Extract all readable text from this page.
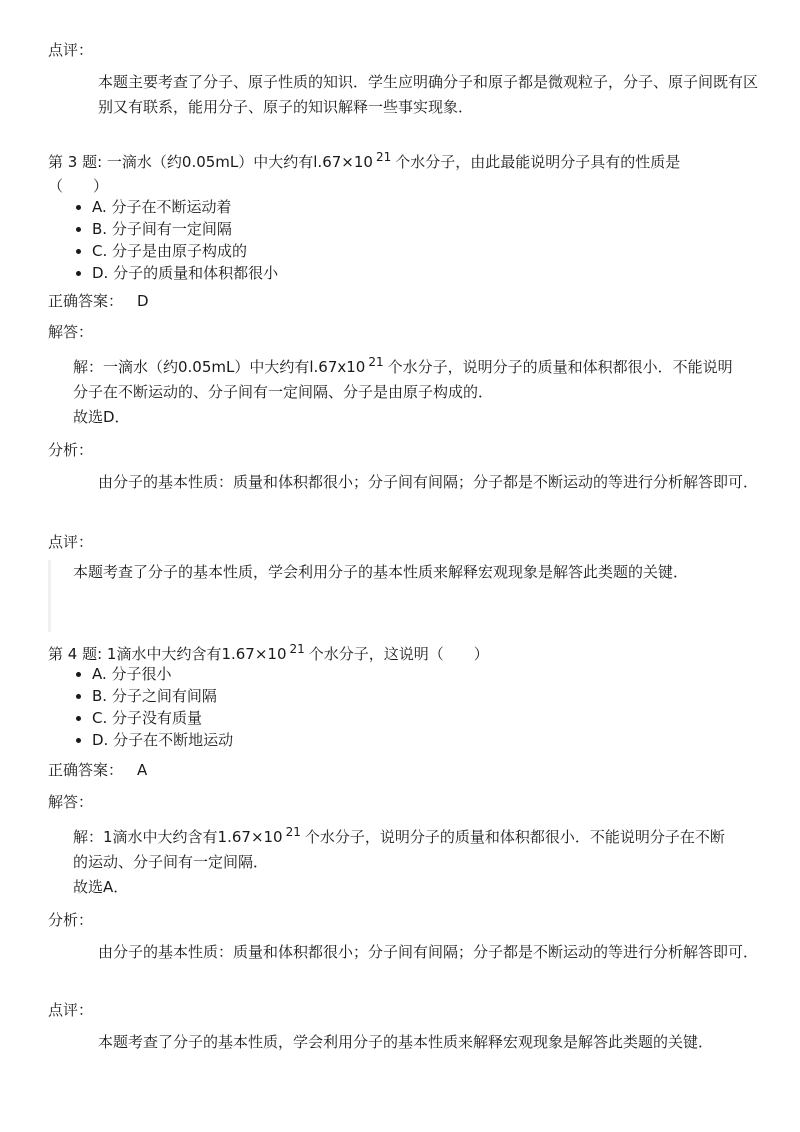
点评：

本题主要考查了分子、原子性质的知识．学生应明确分子和原子都是微观粒子，分子、原子间既有区别又有联系，能用分子、原子的知识解释一些事实现象．

第 3 题: 一滴水（约0.05mL）中大约有l.67×10 $^{21}$ 个水分子，由此最能说明分子具有的性质是（　　）

• A. 分子在不断运动着
• B. 分子间有一定间隔
• C. 分子是由原子构成的
• D. 分子的质量和体积都很小

正确答案： D

解答：

解：一滴水（约0.05mL）中大约有l.67x10 $^{21}$ 个水分子，说明分子的质量和体积都很小．不能说明分子在不断运动的、分子间有一定间隔、分子是由原子构成的．
故选D．

分析：

由分子的基本性质：质量和体积都很小；分子间有间隔；分子都是不断运动的等进行分析解答即可．

点评：

本题考查了分子的基本性质，学会利用分子的基本性质来解释宏观现象是解答此类题的关键．

第 4 题: 1滴水中大约含有1.67×10 $^{21}$ 个水分子，这说明（　　）

• A. 分子很小
• B. 分子之间有间隔
• C. 分子没有质量
• D. 分子在不断地运动

正确答案： A

解答：

解：1滴水中大约含有1.67×10 $^{21}$ 个水分子，说明分子的质量和体积都很小．不能说明分子在不断的运动、分子间有一定间隔．
故选A．

分析：

由分子的基本性质：质量和体积都很小；分子间有间隔；分子都是不断运动的等进行分析解答即可．

点评：

本题考查了分子的基本性质，学会利用分子的基本性质来解释宏观现象是解答此类题的关键．
